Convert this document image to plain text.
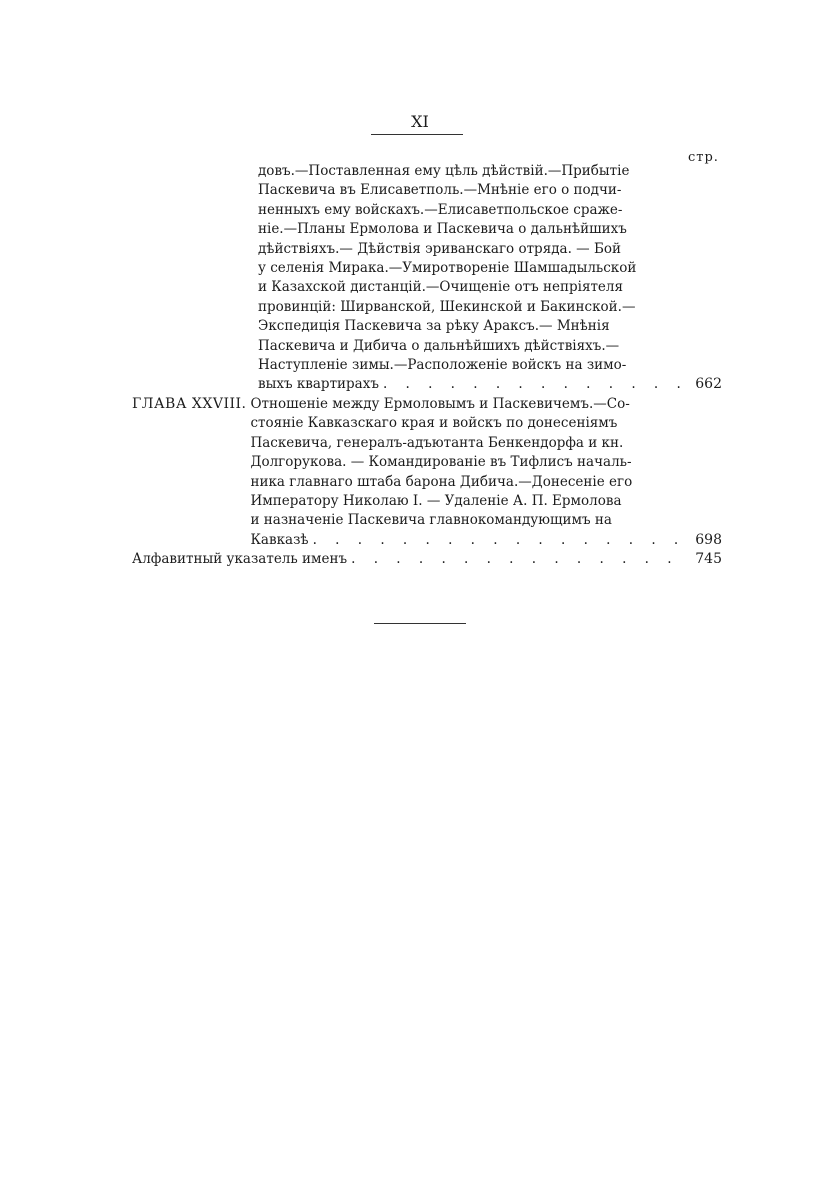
XI
стр.
довъ.—Поставленная ему цѣль дѣйствій.—Прибытіе
Паскевича въ Елисаветполь.—Мнѣніе его о подчи-
ненныхъ ему войскахъ.—Елисаветпольское сраже-
ніе.—Планы Ермолова и Паскевича о дальнѣйшихъ
дѣйствіяхъ.— Дѣйствія эриванскаго отряда. — Бой
у селенія Мирака.—Умиротвореніе Шамшадыльской
и Казахской дистанцій.—Очищеніе отъ непріятеля
провинцій: Ширванской, Шекинской и Бакинской.—
Экспедиція Паскевича за рѣку Араксъ.— Мнѣнія
Паскевича и Дибича о дальнѣйшихъ дѣйствіяхъ.—
Наступленіе зимы.—Расположеніе войскъ на зимо-
выхъ квартирахъ . . .	662
ГЛАВА XXVIII. Отношеніе между Ермоловымъ и Паскевичемъ.—Со-
стояніе Кавказскаго края и войскъ по донесеніямъ
Паскевича, генералъ-адъютанта Бенкендорфа и кн.
Долгорукова. — Командированіе въ Тифлисъ началь-
ника главнаго штаба барона Дибича.—Донесеніе его
Императору Николаю I. — Удаленіе А. П. Ермолова
и назначеніе Паскевича главнокомандующимъ на
Кавказѣ . . .	698
Алфавитный указатель именъ . . .	745
